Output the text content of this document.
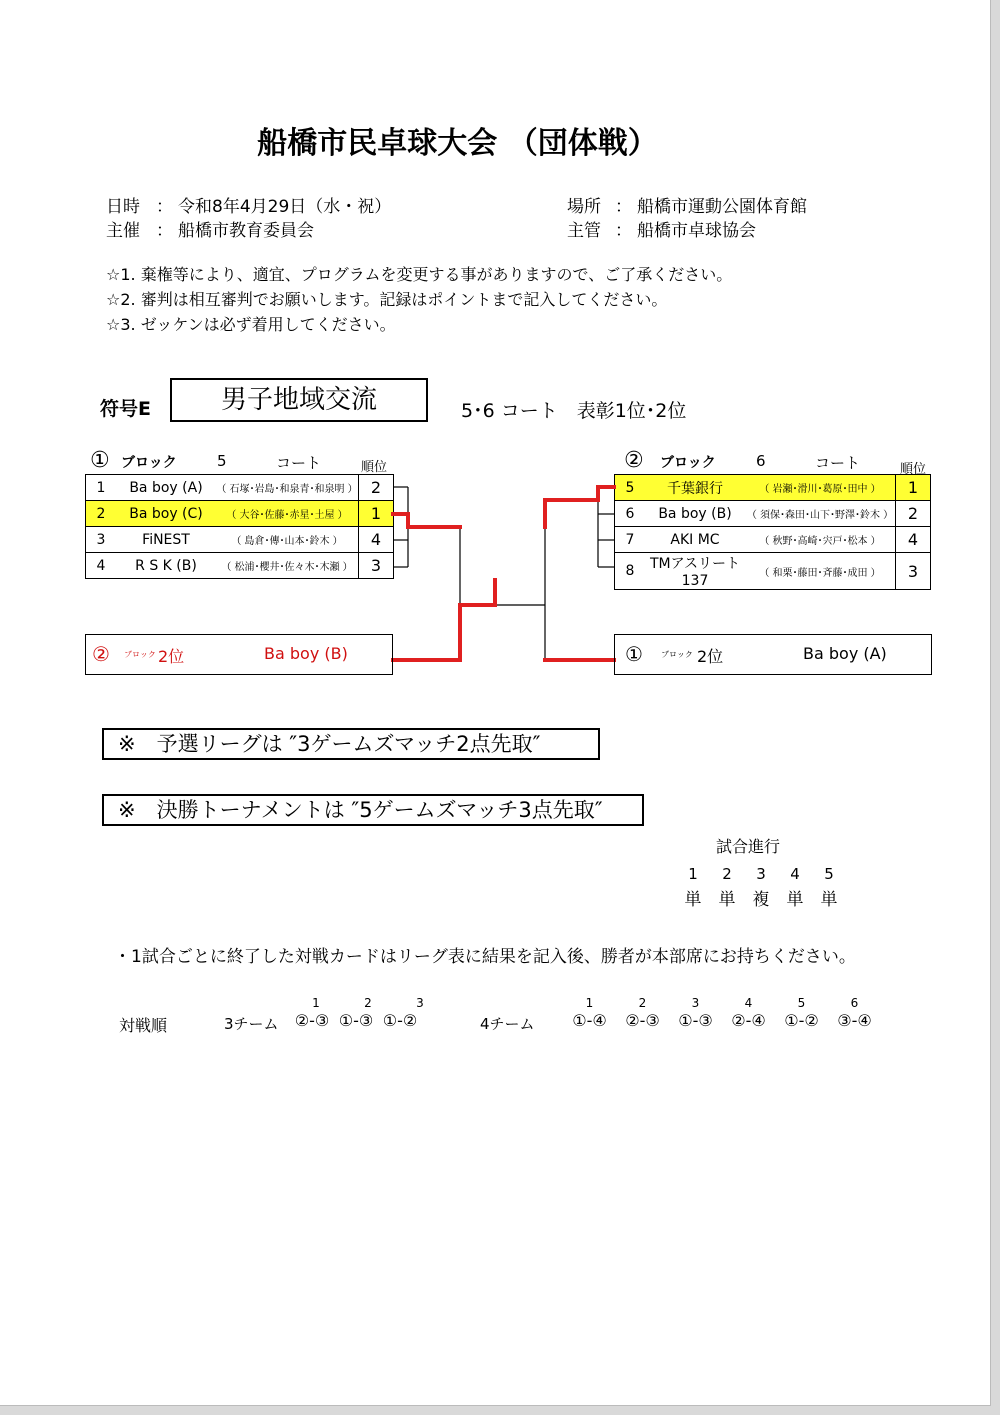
船橋市民卓球大会 （団体戦）
日時 ： 令和8年4月29日（水・祝）
主催 ： 船橋市教育委員会
場所 ： 船橋市運動公園体育館
主管 ： 船橋市卓球協会
☆1. 棄権等により、適宜、プログラムを変更する事がありますので、ご了承ください。
☆2. 審判は相互審判でお願いします。記録はポイントまで記入してください。
☆3. ゼッケンは必ず着用してください。
符号E	男子地域交流	5･6 コート　表彰1位･2位
① ブロック	5	コート	順位
1	Ba boy (A)	（ 石塚･岩島･和泉青･和泉明 ）	2
2	Ba boy (C)	（ 大谷･佐藤･赤星･土屋 ）	1
3	FiNEST	（ 島倉･傳･山本･鈴木 ）	4
4	R S K (B)	（ 松浦･櫻井･佐々木･木瀬 ）	3
② ブロック	6	コート	順位
5	千葉銀行	（ 岩瀬･滑川･葛原･田中 ）	1
6	Ba boy (B)	（ 須保･森田･山下･野澤･鈴木 ）	2
7	AKI MC	（ 秋野･高崎･宍戸･松本 ）	4
8	TMアスリート137	（ 和栗･藤田･斉藤･成田 ）	3
② ブロック 2位	Ba boy (B)	① ブロック 2位	Ba boy (A)
※　予選リーグは ″3ゲームズマッチ2点先取″
※　決勝トーナメントは ″5ゲームズマッチ3点先取″
試合進行
1 2 3 4 5
単 単 複 単 単
・1試合ごとに終了した対戦カードはリーグ表に結果を記入後、勝者が本部席にお持ちください。
対戦順	3チーム
1	2	3
②-③ ①-③ ①-②	4チーム
1	2	3	4	5	6
①-④ ②-③ ①-③ ②-④ ①-② ③-④
